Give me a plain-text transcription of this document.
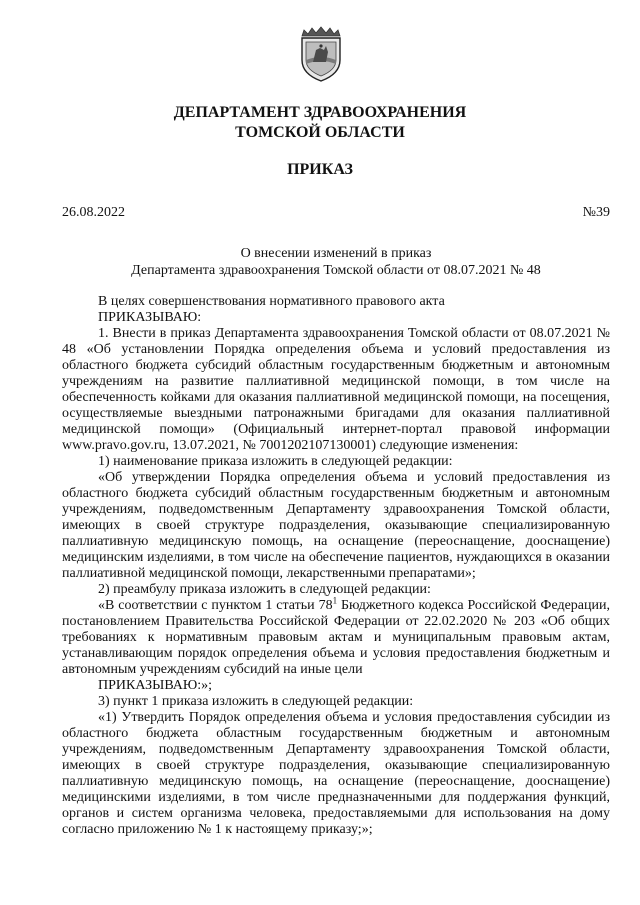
ДЕПАРТАМЕНТ ЗДРАВООХРАНЕНИЯ
ТОМСКОЙ ОБЛАСТИ
ПРИКАЗ
26.08.2022	№39
О внесении изменений в приказ
Департамента здравоохранения Томской области от 08.07.2021 № 48

В целях совершенствования нормативного правового акта

ПРИКАЗЫВАЮ:

1. Внести в приказ Департамента здравоохранения Томской области от 08.07.2021 № 48 «Об установлении Порядка определения объема и условий предоставления из областного бюджета субсидий областным государственным бюджетным и автономным учреждениям на развитие паллиативной медицинской помощи, в том числе на обеспеченность койками для оказания паллиативной медицинской помощи, на посещения, осуществляемые выездными патронажными бригадами для оказания паллиативной медицинской помощи» (Официальный интернет-портал правовой информации www.pravo.gov.ru, 13.07.2021, № 7001202107130001) следующие изменения:

1) наименование приказа изложить в следующей редакции:

«Об утверждении Порядка определения объема и условий предоставления из областного бюджета субсидий областным государственным бюджетным и автономным учреждениям, подведомственным Департаменту здравоохранения Томской области, имеющих в своей структуре подразделения, оказывающие специализированную паллиативную медицинскую помощь, на оснащение (переоснащение, дооснащение) медицинским изделиями, в том числе на обеспечение пациентов, нуждающихся в оказании паллиативной медицинской помощи, лекарственными препаратами»;

2) преамбулу приказа изложить в следующей редакции:

«В соответствии с пунктом 1 статьи $78^1$ Бюджетного кодекса Российской Федерации, постановлением Правительства Российской Федерации от 22.02.2020 № 203 «Об общих требованиях к нормативным правовым актам и муниципальным правовым актам, устанавливающим порядок определения объема и условия предоставления бюджетным и автономным учреждениям субсидий на иные цели

ПРИКАЗЫВАЮ:»;

3) пункт 1 приказа изложить в следующей редакции:

«1) Утвердить Порядок определения объема и условия предоставления субсидии из областного бюджета областным государственным бюджетным и автономным учреждениям, подведомственным Департаменту здравоохранения Томской области, имеющих в своей структуре подразделения, оказывающие специализированную паллиативную медицинскую помощь, на оснащение (переоснащение, дооснащение) медицинскими изделиями, в том числе предназначенными для поддержания функций, органов и систем организма человека, предоставляемыми для использования на дому согласно приложению № 1 к настоящему приказу;»;
